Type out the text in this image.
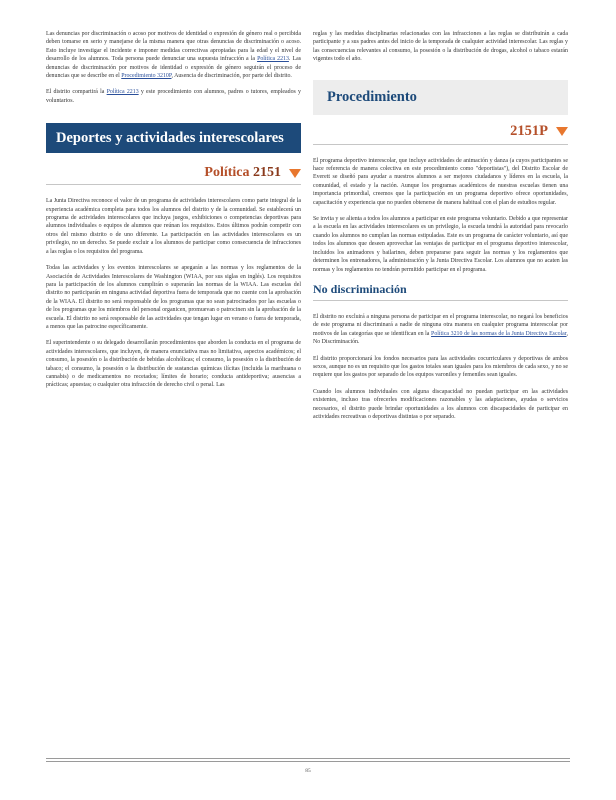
Las denuncias por discriminación o acoso por motivos de identidad o expresión de género real o percibida deben tomarse en serio y manejarse de la misma manera que otras denuncias de discriminación o acoso. Esto incluye investigar el incidente e imponer medidas correctivas apropiadas para la edad y el nivel de desarrollo de los alumnos. Toda persona puede denunciar una supuesta infracción a la Política 2213. Las denuncias de discriminación por motivos de identidad o expresión de género seguirán el proceso de denuncias que se describe en el Procedimiento 3210P, Ausencia de discriminación, por parte del distrito.

El distrito compartirá la Política 2213 y este procedimiento con alumnos, padres o tutores, empleados y voluntarios.

Deportes y actividades interescolares
Política 2151

La Junta Directiva reconoce el valor de un programa de actividades interescolares como parte integral de la experiencia académica completa para todos los alumnos del distrito y de la comunidad. Se establecerá un programa de actividades interescolares que incluya juegos, exhibiciones o competencias deportivas para alumnos individuales o equipos de alumnos que reúnan los requisitos. Estos últimos podrán competir con otros del mismo distrito o de uno diferente. La participación en las actividades interescolares es un privilegio, no un derecho. Se puede excluir a los alumnos de participar como consecuencia de infracciones a las reglas o los requisitos del programa.

Todas las actividades y los eventos interescolares se apegarán a las normas y los reglamentos de la Asociación de Actividades Interescolares de Washington (WIAA, por sus siglas en inglés). Los requisitos para la participación de los alumnos cumplirán o superarán las normas de la WIAA. Las escuelas del distrito no participarán en ninguna actividad deportiva fuera de temporada que no cuente con la aprobación de la WIAA. El distrito no será responsable de los programas que no sean patrocinados por las escuelas o de los programas que los miembros del personal organicen, promuevan o patrocinen sin la aprobación de la escuela. El distrito no será responsable de las actividades que tengan lugar en verano o fuera de temporada, a menos que las patrocine específicamente.

El superintendente o su delegado desarrollarán procedimientos que aborden la conducta en el programa de actividades interescolares, que incluyen, de manera enunciativa mas no limitativa, aspectos académicos; el consumo, la posesión o la distribución de bebidas alcohólicas; el consumo, la posesión o la distribución de tabaco; el consumo, la posesión o la distribución de sustancias químicas ilícitas (incluida la marihuana o cannabis) o de medicamentos no recetados; límites de horario; conducta antideportiva; ausencias a prácticas; apuestas; o cualquier otra infracción de derecho civil o penal. Las

reglas y las medidas disciplinarias relacionadas con las infracciones a las reglas se distribuirán a cada participante y a sus padres antes del inicio de la temporada de cualquier actividad interescolar. Las reglas y las consecuencias relevantes al consumo, la posesión o la distribución de drogas, alcohol o tabaco estarán vigentes todo el año.

Procedimiento
2151P

El programa deportivo interescolar, que incluye actividades de animación y danza (a cuyos participantes se hace referencia de manera colectiva en este procedimiento como "deportistas"), del Distrito Escolar de Everett se diseñó para ayudar a nuestros alumnos a ser mejores ciudadanos y líderes en la escuela, la comunidad, el estado y la nación. Aunque los programas académicos de nuestras escuelas tienen una importancia primordial, creemos que la participación en un programa deportivo ofrece oportunidades, capacitación y experiencia que no pueden obtenerse de manera habitual con el plan de estudios regular.

Se invita y se alienta a todos los alumnos a participar en este programa voluntario. Debido a que representar a la escuela en las actividades interescolares es un privilegio, la escuela tendrá la autoridad para revocarlo cuando los alumnos no cumplan las normas estipuladas. Este es un programa de carácter voluntario, así que todos los alumnos que deseen aprovechar las ventajas de participar en el programa deportivo interescolar, incluidos los animadores y bailarines, deben prepararse para seguir las normas y los reglamentos que determinen los entrenadores, la administración y la Junta Directiva Escolar. Los alumnos que no acaten las normas y los reglamentos no tendrán permitido participar en el programa.

No discriminación

El distrito no excluirá a ninguna persona de participar en el programa interescolar, no negará los beneficios de este programa ni discriminará a nadie de ninguna otra manera en cualquier programa interescolar por motivos de las categorías que se identifican en la Política 3210 de las normas de la Junta Directiva Escolar, No Discriminación.

El distrito proporcionará los fondos necesarios para las actividades cocurriculares y deportivas de ambos sexos, aunque no es un requisito que los gastos totales sean iguales para los miembros de cada sexo, y no se requiere que los gastos por separado de los equipos varoniles y femeniles sean iguales.

Cuando los alumnos individuales con alguna discapacidad no puedan participar en las actividades existentes, incluso tras ofrecerles modificaciones razonables y las adaptaciones, ayudas o servicios necesarios, el distrito puede brindar oportunidades a los alumnos con discapacidades de participar en actividades recreativas o deportivas distintas o por separado.

85
